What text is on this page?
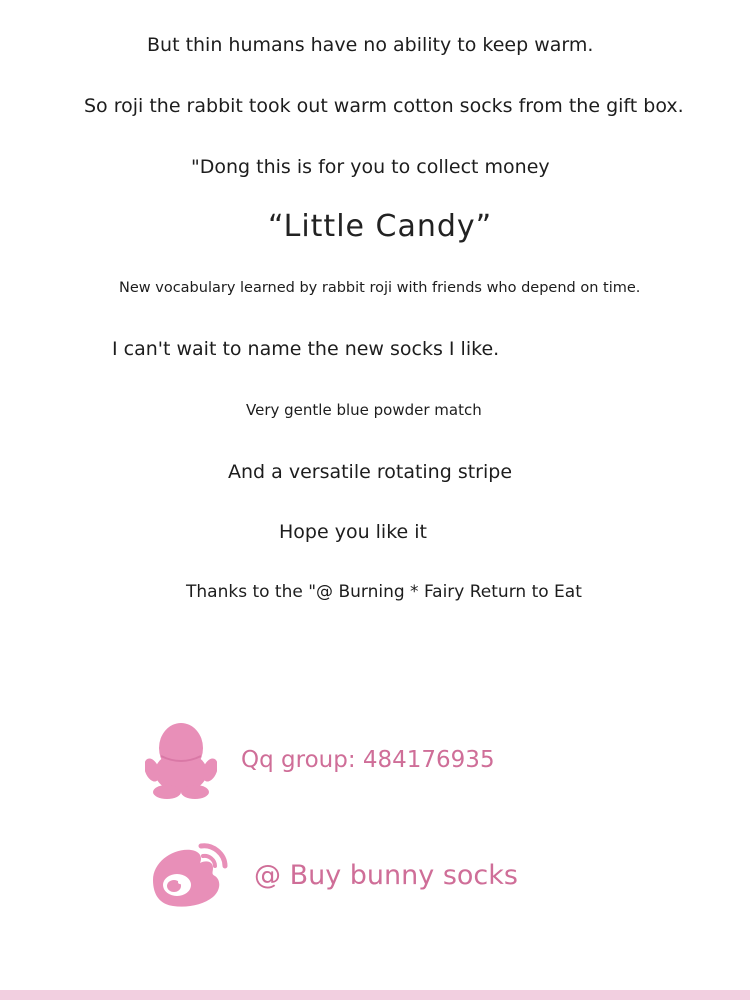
But thin humans have no ability to keep warm.
So roji the rabbit took out warm cotton socks from the gift box.
"Dong this is for you to collect money
“Little Candy”
New vocabulary learned by rabbit roji with friends who depend on time.
I can't wait to name the new socks I like.
Very gentle blue powder match
And a versatile rotating stripe
Hope you like it
Thanks to the "@ Burning * Fairy Return to Eat
Qq group: 484176935
@ Buy bunny socks
